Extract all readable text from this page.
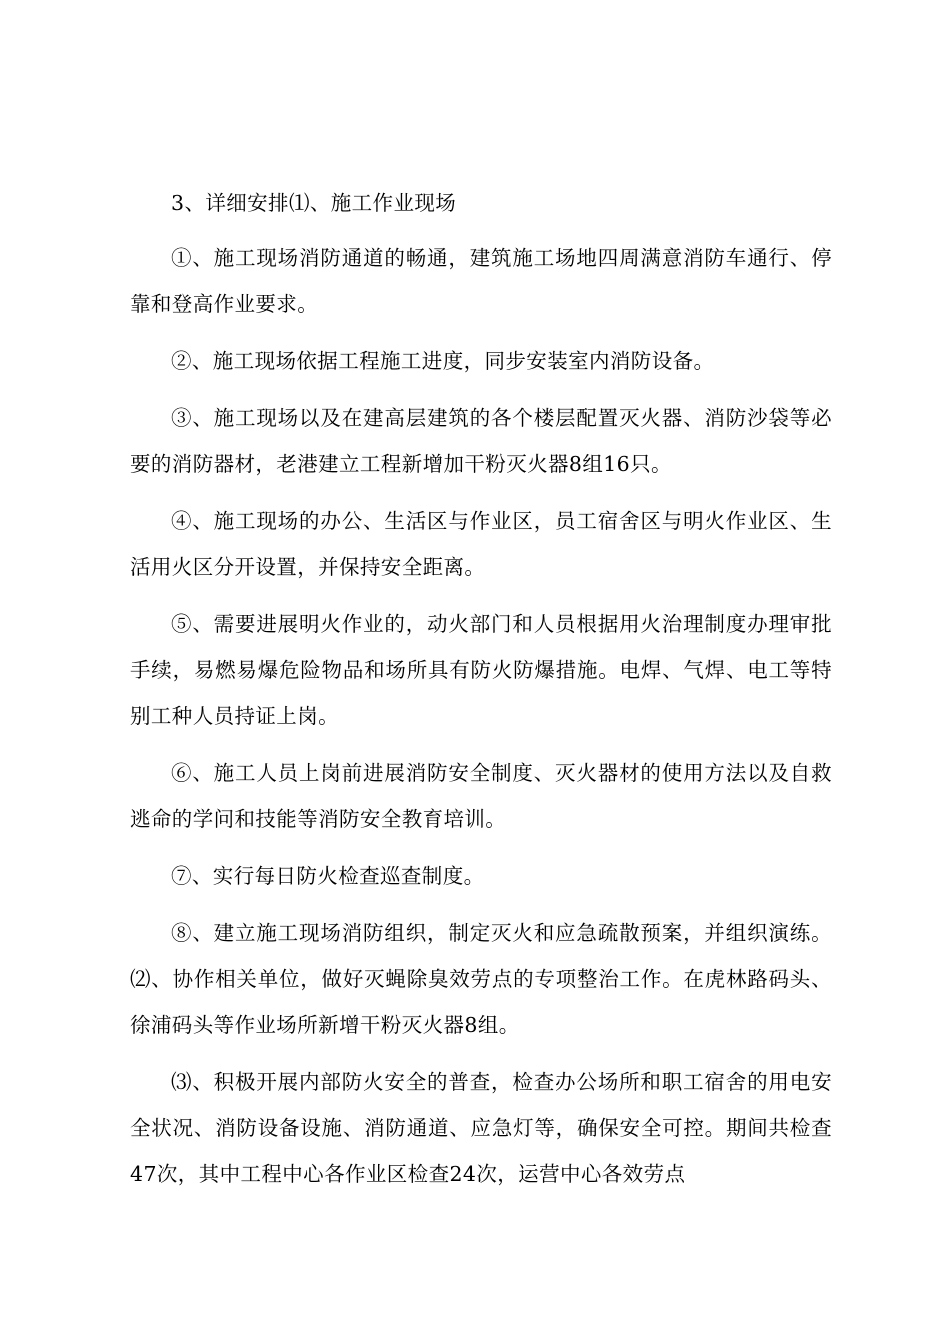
3、详细安排⑴、施工作业现场

①、施工现场消防通道的畅通，建筑施工场地四周满意消防车通行、停靠和登高作业要求。

②、施工现场依据工程施工进度，同步安装室内消防设备。

③、施工现场以及在建高层建筑的各个楼层配置灭火器、消防沙袋等必要的消防器材，老港建立工程新增加干粉灭火器8组16只。

④、施工现场的办公、生活区与作业区，员工宿舍区与明火作业区、生活用火区分开设置，并保持安全距离。

⑤、需要进展明火作业的，动火部门和人员根据用火治理制度办理审批手续，易燃易爆危险物品和场所具有防火防爆措施。电焊、气焊、电工等特别工种人员持证上岗。

⑥、施工人员上岗前进展消防安全制度、灭火器材的使用方法以及自救逃命的学问和技能等消防安全教育培训。

⑦、实行每日防火检查巡查制度。

⑧、建立施工现场消防组织，制定灭火和应急疏散预案，并组织演练。⑵、协作相关单位，做好灭蝇除臭效劳点的专项整治工作。在虎林路码头、徐浦码头等作业场所新增干粉灭火器8组。

⑶、积极开展内部防火安全的普查，检查办公场所和职工宿舍的用电安全状况、消防设备设施、消防通道、应急灯等，确保安全可控。期间共检查47次，其中工程中心各作业区检查24次，运营中心各效劳点
